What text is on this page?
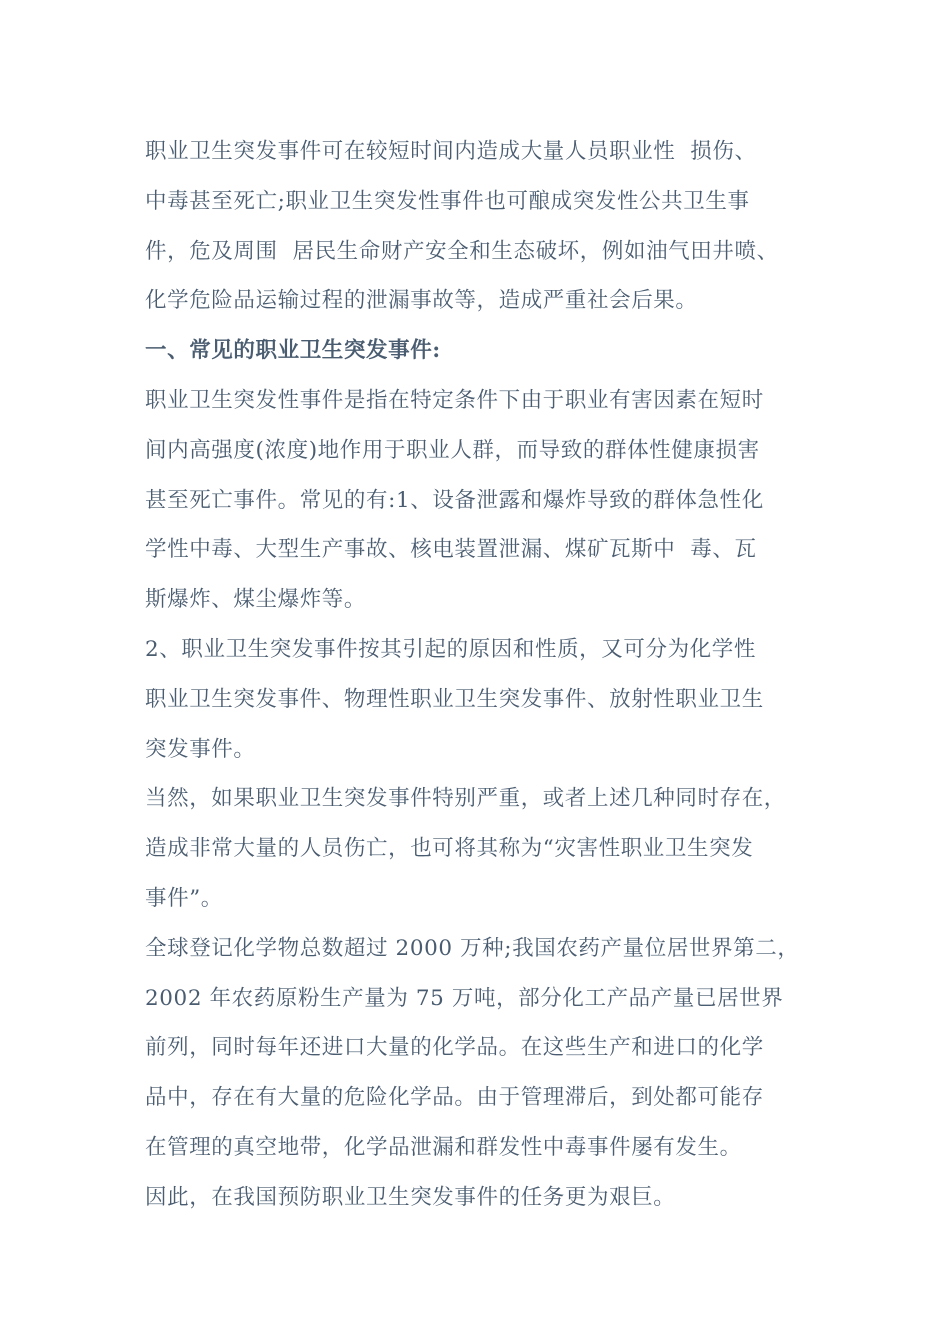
职业卫生突发事件可在较短时间内造成大量人员职业性  损伤、
中毒甚至死亡;职业卫生突发性事件也可酿成突发性公共卫生事
件，危及周围  居民生命财产安全和生态破坏，例如油气田井喷、
化学危险品运输过程的泄漏事故等，造成严重社会后果。
一、常见的职业卫生突发事件:
职业卫生突发性事件是指在特定条件下由于职业有害因素在短时
间内高强度(浓度)地作用于职业人群，而导致的群体性健康损害
甚至死亡事件。常见的有:1、设备泄露和爆炸导致的群体急性化
学性中毒、大型生产事故、核电装置泄漏、煤矿瓦斯中  毒、瓦
斯爆炸、煤尘爆炸等。
2、职业卫生突发事件按其引起的原因和性质，又可分为化学性
职业卫生突发事件、物理性职业卫生突发事件、放射性职业卫生
突发事件。
当然，如果职业卫生突发事件特别严重，或者上述几种同时存在，
造成非常大量的人员伤亡，也可将其称为“灾害性职业卫生突发
事件”。
全球登记化学物总数超过 2000 万种;我国农药产量位居世界第二，
2002 年农药原粉生产量为 75 万吨，部分化工产品产量已居世界
前列，同时每年还进口大量的化学品。在这些生产和进口的化学
品中，存在有大量的危险化学品。由于管理滞后，到处都可能存
在管理的真空地带，化学品泄漏和群发性中毒事件屡有发生。
因此，在我国预防职业卫生突发事件的任务更为艰巨。
